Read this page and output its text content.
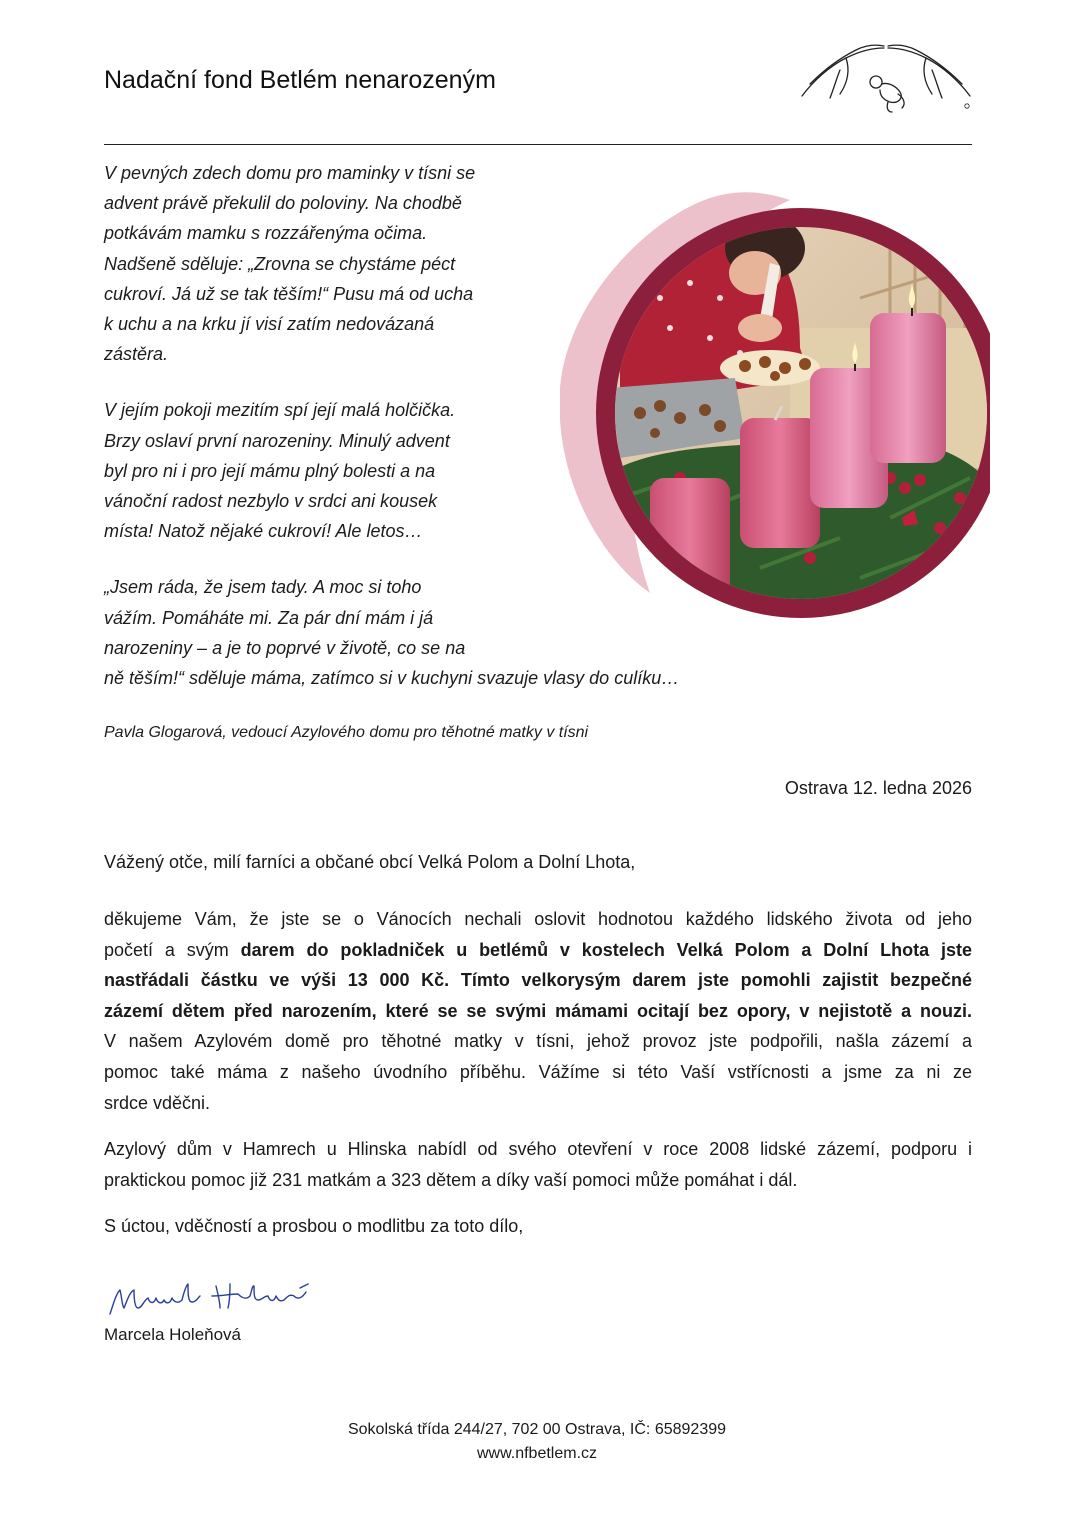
Nadační fond Betlém nenarozeným

V pevných zdech domu pro maminky v tísni se

advent právě překulil do poloviny. Na chodbě

potkávám mamku s rozzářenýma očima.

Nadšeně sděluje: „Zrovna se chystáme péct

cukroví. Já už se tak těším!“ Pusu má od ucha

k uchu a na krku jí visí zatím nedovázaná

zástěra.

V jejím pokoji mezitím spí její malá holčička.

Brzy oslaví první narozeniny. Minulý advent

byl pro ni i pro její mámu plný bolesti a na

vánoční radost nezbylo v srdci ani kousek

místa! Natož nějaké cukroví! Ale letos…

„Jsem ráda, že jsem tady. A moc si toho

vážím. Pomáháte mi. Za pár dní mám i já

narozeniny – a je to poprvé v životě, co se na

ně těším!“ sděluje máma, zatímco si v kuchyni svazuje vlasy do culíku…

Pavla Glogarová, vedoucí Azylového domu pro těhotné matky v tísni
Ostrava 12. ledna 2026
Vážený otče, milí farníci a občané obcí Velká Polom a Dolní Lhota,
děkujeme Vám, že jste se o Vánocích nechali oslovit hodnotou každého lidského života od jeho
početí a svým darem do pokladniček u betlémů v kostelech Velká Polom a Dolní Lhota jste
nastřádali částku ve výši 13 000 Kč. Tímto velkorysým darem jste pomohli zajistit bezpečné
zázemí dětem před narozením, které se se svými mámami ocitají bez opory, v nejistotě a nouzi.
V našem Azylovém domě pro těhotné matky v tísni, jehož provoz jste podpořili, našla zázemí a
pomoc také máma z našeho úvodního příběhu. Vážíme si této Vaší vstřícnosti a jsme za ni ze
srdce vděčni.
Azylový dům v Hamrech u Hlinska nabídl od svého otevření v roce 2008 lidské zázemí, podporu i
praktickou pomoc již 231 matkám a 323 dětem a díky vaší pomoci může pomáhat i dál.
S úctou, vděčností a prosbou o modlitbu za toto dílo,
Marcela Holeňová
Sokolská třída 244/27, 702 00 Ostrava, IČ: 65892399
www.nfbetlem.cz
